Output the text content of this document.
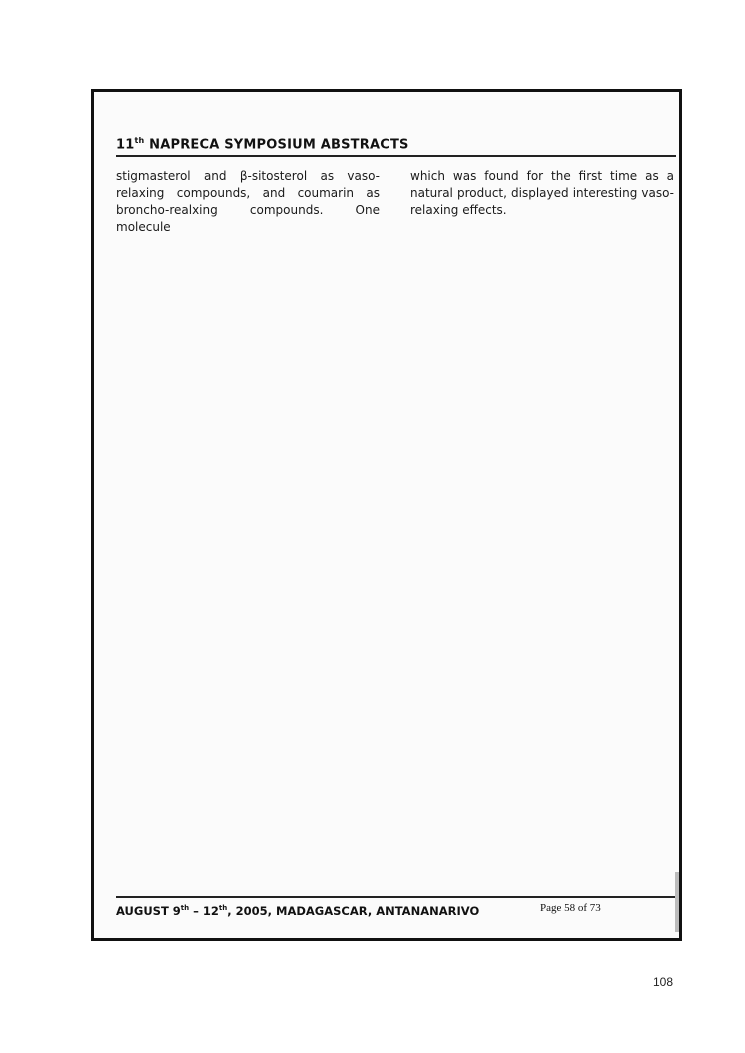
11th NAPRECA SYMPOSIUM ABSTRACTS
stigmasterol and β-sitosterol as vaso-relaxing compounds, and coumarin as broncho-realxing compounds. One molecule
which was found for the first time as a natural product, displayed interesting vaso-relaxing effects.
AUGUST 9th – 12th, 2005, MADAGASCAR, ANTANANARIVO	Page 58 of 73
108
